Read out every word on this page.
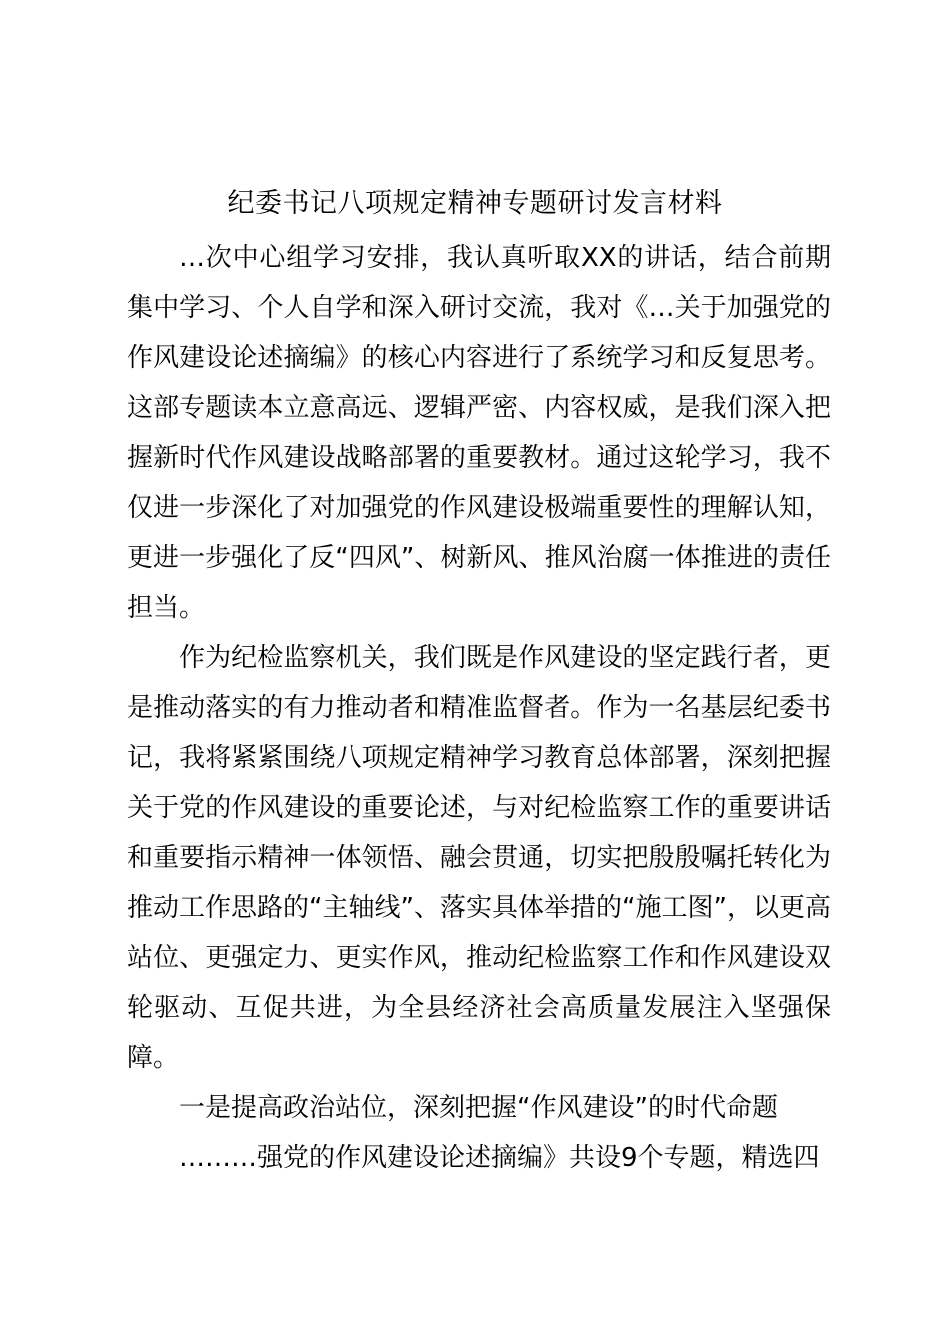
纪委书记八项规定精神专题研讨发言材料

…次中心组学习安排，我认真听取XX的讲话，结合前期集中学习、个人自学和深入研讨交流，我对《…关于加强党的作风建设论述摘编》的核心内容进行了系统学习和反复思考。这部专题读本立意高远、逻辑严密、内容权威，是我们深入把握新时代作风建设战略部署的重要教材。通过这轮学习，我不仅进一步深化了对加强党的作风建设极端重要性的理解认知，更进一步强化了反“四风”、树新风、推风治腐一体推进的责任担当。

作为纪检监察机关，我们既是作风建设的坚定践行者，更是推动落实的有力推动者和精准监督者。作为一名基层纪委书记，我将紧紧围绕八项规定精神学习教育总体部署，深刻把握关于党的作风建设的重要论述，与对纪检监察工作的重要讲话和重要指示精神一体领悟、融会贯通，切实把殷殷嘱托转化为推动工作思路的“主轴线”、落实具体举措的“施工图”，以更高站位、更强定力、更实作风，推动纪检监察工作和作风建设双轮驱动、互促共进，为全县经济社会高质量发展注入坚强保障。

一是提高政治站位，深刻把握“作风建设”的时代命题

………强党的作风建设论述摘编》共设9个专题，精选四
